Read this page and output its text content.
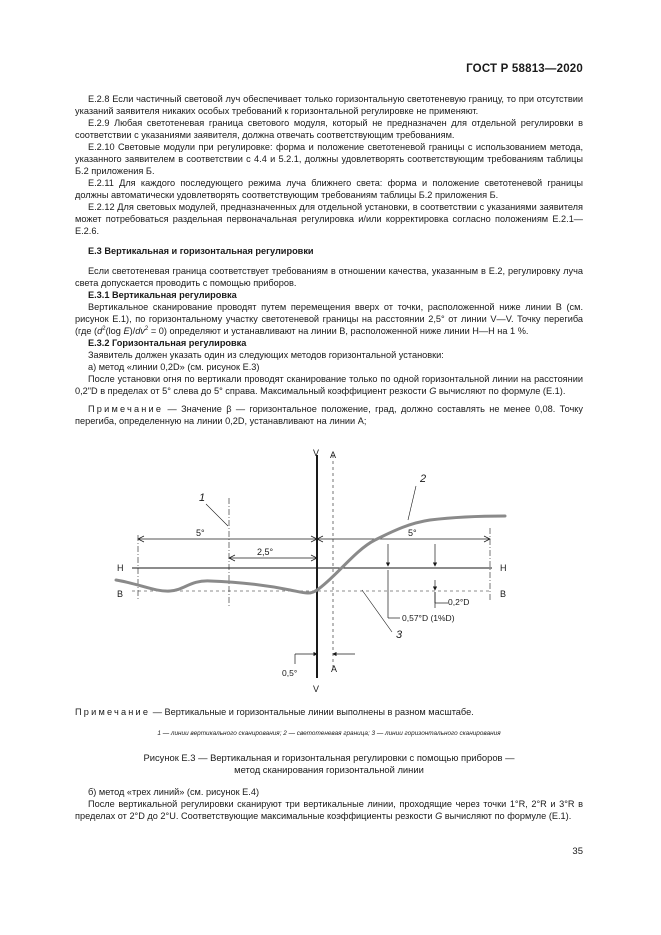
ГОСТ Р 58813—2020

Е.2.8 Если частичный световой луч обеспечивает только горизонтальную светотеневую границу, то при отсутствии указаний заявителя никаких особых требований к горизонтальной регулировке не применяют.

Е.2.9 Любая светотеневая граница светового модуля, который не предназначен для отдельной регулировки в соответствии с указаниями заявителя, должна отвечать соответствующим требованиям.

Е.2.10 Световые модули при регулировке: форма и положение светотеневой границы с использованием метода, указанного заявителем в соответствии с 4.4 и 5.2.1, должны удовлетворять соответствующим требованиям таблицы Б.2 приложения Б.

Е.2.11 Для каждого последующего режима луча ближнего света: форма и положение светотеневой границы должны автоматически удовлетворять соответствующим требованиям таблицы Б.2 приложения Б.

Е.2.12 Для световых модулей, предназначенных для отдельной установки, в соответствии с указаниями заявителя может потребоваться раздельная первоначальная регулировка и/или корректировка согласно положениям Е.2.1—Е.2.6.

Е.3 Вертикальная и горизонтальная регулировки

Если светотеневая граница соответствует требованиям в отношении качества, указанным в Е.2, регулировку луча света допускается проводить с помощью приборов.

Е.3.1 Вертикальная регулировка

Вертикальное сканирование проводят путем перемещения вверх от точки, расположенной ниже линии В (см. рисунок Е.1), по горизонтальному участку светотеневой границы на расстоянии 2,5° от линии V—V. Точку перегиба (где ($d^2(\log$ $E)/dv^2 = 0$) определяют и устанавливают на линии В, расположенной ниже линии Н—Н на 1 %.

Е.3.2 Горизонтальная регулировка

Заявитель должен указать один из следующих методов горизонтальной установки:

а) метод «линии 0,2D» (см. рисунок Е.3)

После установки огня по вертикали проводят сканирование только по одной горизонтальной линии на расстоянии 0,2"D в пределах от 5° слева до 5° справа. Максимальный коэффициент резкости G вычисляют по формуле (Е.1).

Примечание — Значение β — горизонтальное положение, град, должно составлять не менее 0,08. Точку перегиба, определенную на линии 0,2D, устанавливают на линии А;

V A
V
A
H	H
B	B
1
2
3
5°	5°
2,5°
0,2°D
0,57°D (1%D)
0,5°
Примечание — Вертикальные и горизонтальные линии выполнены в разном масштабе.
1 — линии вертикального сканирования; 2 — светотеневая граница; 3 — линии горизонтального сканирования
Рисунок Е.3 — Вертикальная и горизонтальная регулировки с помощью приборов —
метод сканирования горизонтальной линии

б) метод «трех линий» (см. рисунок Е.4)

После вертикальной регулировки сканируют три вертикальные линии, проходящие через точки 1°R, 2°R и 3°R в пределах от 2°D до 2°U. Соответствующие максимальные коэффициенты резкости G вычисляют по формуле (Е.1).

35
